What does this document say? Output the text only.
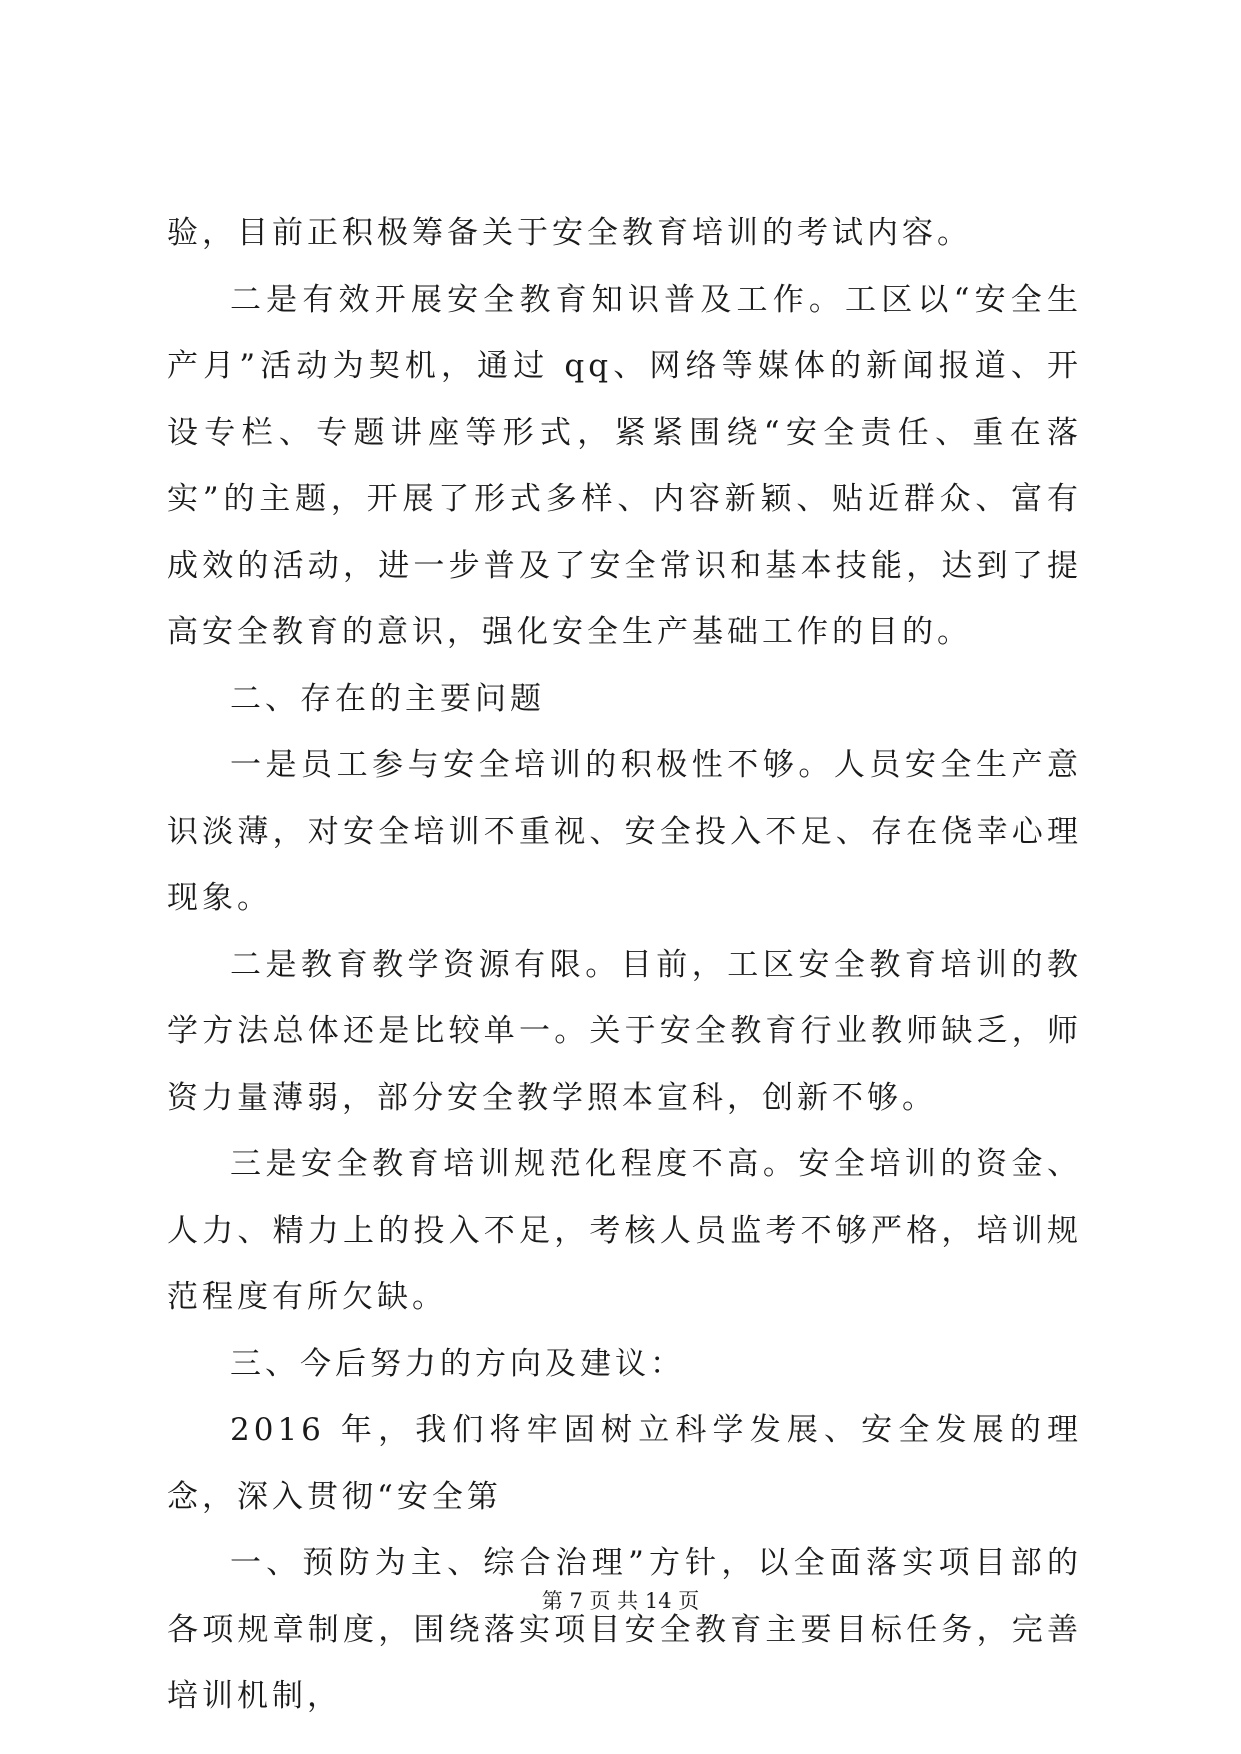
验，目前正积极筹备关于安全教育培训的考试内容。

二是有效开展安全教育知识普及工作。工区以“安全生产月”活动为契机，通过 qq、网络等媒体的新闻报道、开设专栏、专题讲座等形式，紧紧围绕“安全责任、重在落实”的主题，开展了形式多样、内容新颖、贴近群众、富有成效的活动，进一步普及了安全常识和基本技能，达到了提高安全教育的意识，强化安全生产基础工作的目的。

二、存在的主要问题

一是员工参与安全培训的积极性不够。人员安全生产意识淡薄，对安全培训不重视、安全投入不足、存在侥幸心理现象。

二是教育教学资源有限。目前，工区安全教育培训的教学方法总体还是比较单一。关于安全教育行业教师缺乏，师资力量薄弱，部分安全教学照本宣科，创新不够。

三是安全教育培训规范化程度不高。安全培训的资金、人力、精力上的投入不足，考核人员监考不够严格，培训规范程度有所欠缺。

三、今后努力的方向及建议：

2016 年，我们将牢固树立科学发展、安全发展的理念，深入贯彻“安全第

一、预防为主、综合治理”方针，以全面落实项目部的各项规章制度，围绕落实项目安全教育主要目标任务，完善培训机制，

第 7 页 共 14 页
